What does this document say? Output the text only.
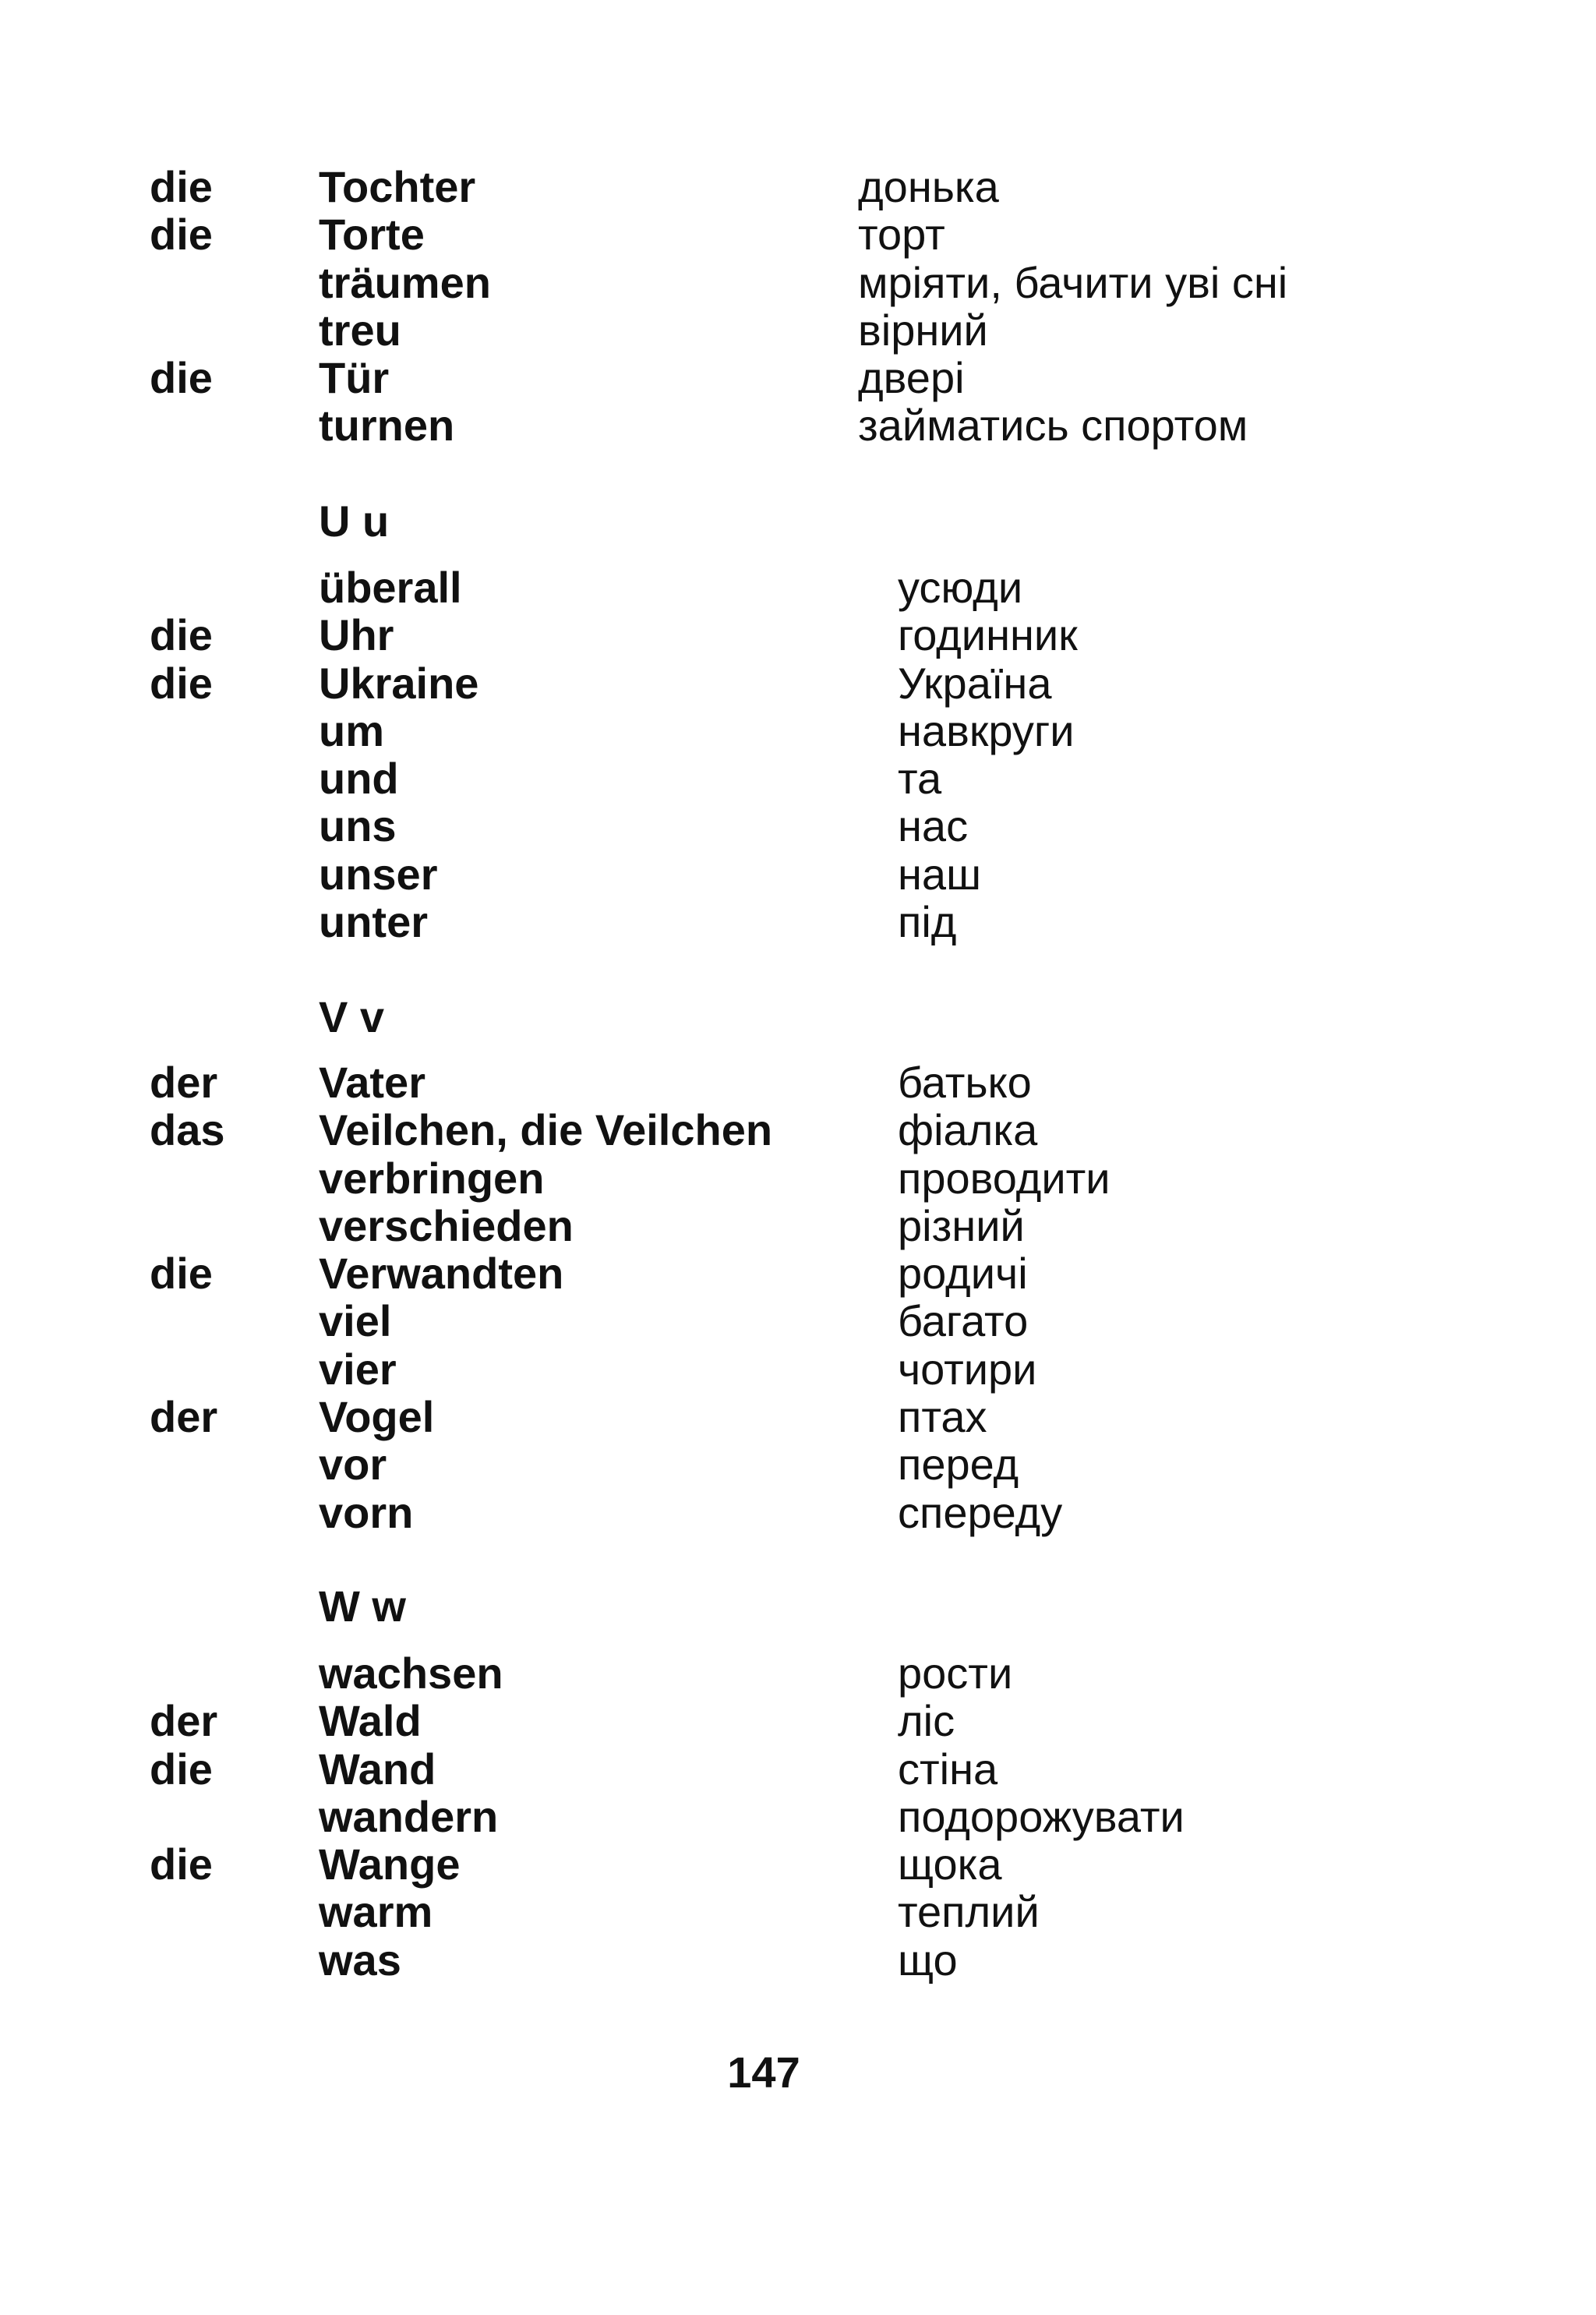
die Tochter	донька
die Torte	торт
träumen	мріяти, бачити уві сні
treu	вірний
die Tür	двері
turnen	займатись спортом
U u
überall	усюди
die Uhr	годинник
die Ukraine	Україна
um	навкруги
und	та
uns	нас
unser	наш
unter	під
V v
der Vater	батько
das Veilchen, die Veilchen	фіалка
verbringen	проводити
verschieden	різний
die Verwandten	родичі
viel	багато
vier	чотири
der Vogel	птах
vor	перед
vorn	спереду
W w
wachsen	рости
der Wald	ліс
die Wand	стіна
wandern	подорожувати
die Wange	щока
warm	теплий
was	що
147
